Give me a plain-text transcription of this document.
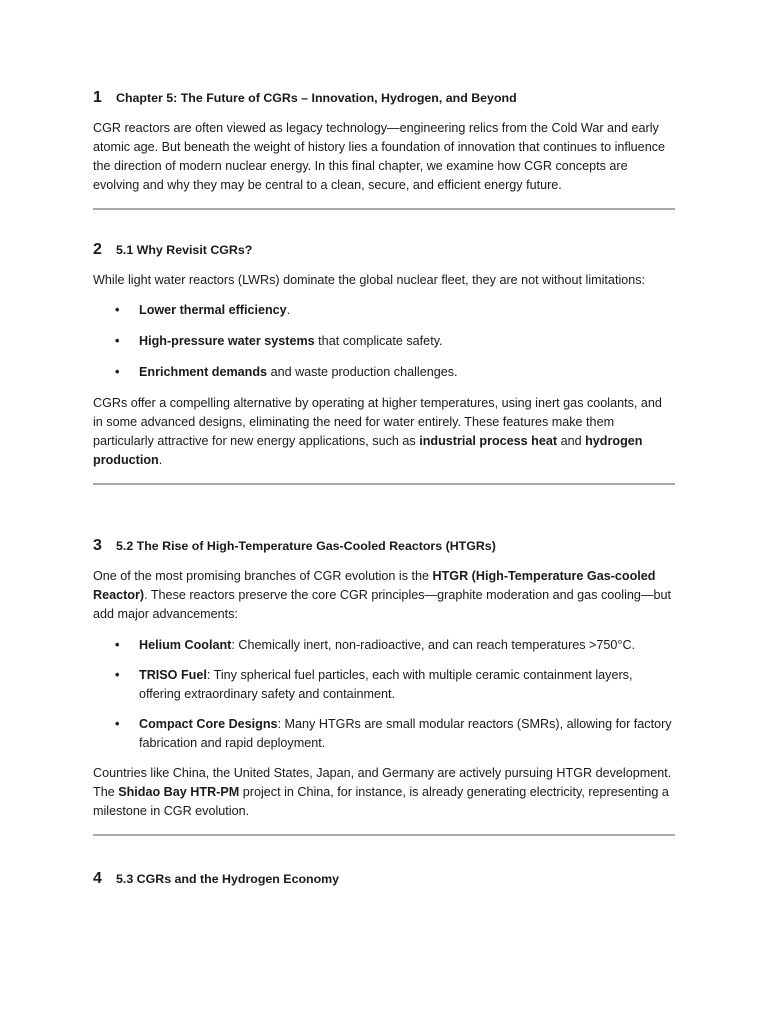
1	Chapter 5: The Future of CGRs – Innovation, Hydrogen, and Beyond

CGR reactors are often viewed as legacy technology—engineering relics from the Cold War and early atomic age. But beneath the weight of history lies a foundation of innovation that continues to influence the direction of modern nuclear energy. In this final chapter, we examine how CGR concepts are evolving and why they may be central to a clean, secure, and efficient energy future.

2	5.1 Why Revisit CGRs?

While light water reactors (LWRs) dominate the global nuclear fleet, they are not without limitations:

• Lower thermal efficiency.
• High-pressure water systems that complicate safety.
• Enrichment demands and waste production challenges.

CGRs offer a compelling alternative by operating at higher temperatures, using inert gas coolants, and in some advanced designs, eliminating the need for water entirely. These features make them particularly attractive for new energy applications, such as industrial process heat and hydrogen production.

3	5.2 The Rise of High-Temperature Gas-Cooled Reactors (HTGRs)

One of the most promising branches of CGR evolution is the HTGR (High-Temperature Gas-cooled Reactor). These reactors preserve the core CGR principles—graphite moderation and gas cooling—but add major advancements:

• Helium Coolant: Chemically inert, non-radioactive, and can reach temperatures >750°C.
• TRISO Fuel: Tiny spherical fuel particles, each with multiple ceramic containment layers, offering extraordinary safety and containment.
• Compact Core Designs: Many HTGRs are small modular reactors (SMRs), allowing for factory fabrication and rapid deployment.

Countries like China, the United States, Japan, and Germany are actively pursuing HTGR development. The Shidao Bay HTR-PM project in China, for instance, is already generating electricity, representing a milestone in CGR evolution.

4	5.3 CGRs and the Hydrogen Economy
